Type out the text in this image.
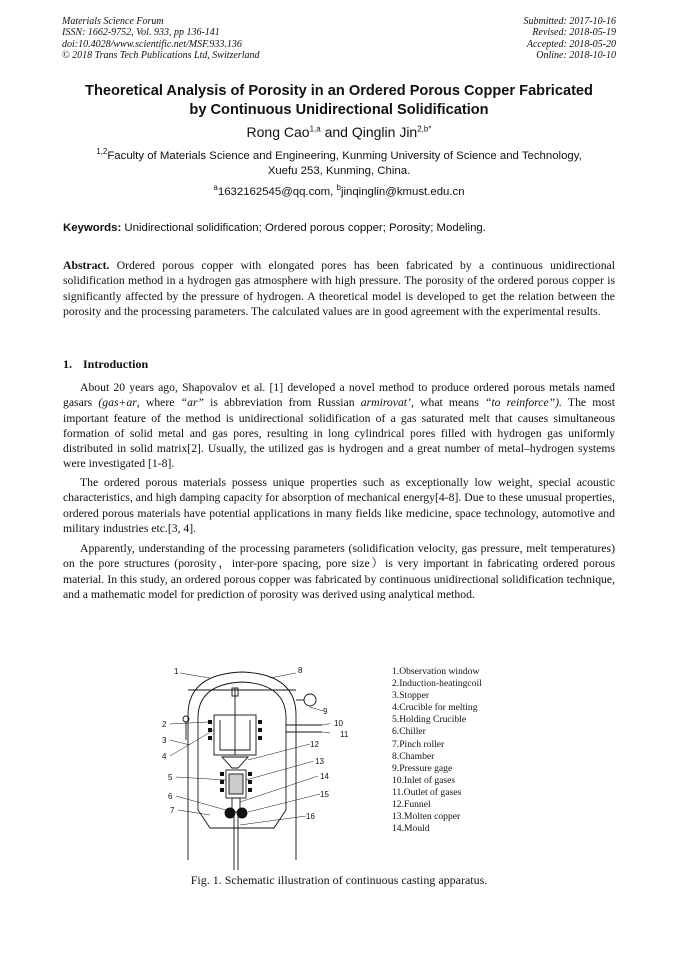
Materials Science Forum
ISSN: 1662-9752, Vol. 933, pp 136-141
doi:10.4028/www.scientific.net/MSF.933.136
© 2018 Trans Tech Publications Ltd, Switzerland
Submitted: 2017-10-16
Revised: 2018-05-19
Accepted: 2018-05-20
Online: 2018-10-10
Theoretical Analysis of Porosity in an Ordered Porous Copper Fabricated
by Continuous Unidirectional Solidification
Rong Cao$^{1,a}$ and Qinglin Jin$^{2,b*}$
$^{1,2}$Faculty of Materials Science and Engineering, Kunming University of Science and Technology,
Xuefu 253, Kunming, China.
$^a$1632162545@qq.com, $^b$jinqinglin@kmust.edu.cn
Keywords: Unidirectional solidification; Ordered porous copper; Porosity; Modeling.
Abstract. Ordered porous copper with elongated pores has been fabricated by a continuous unidirectional solidification method in a hydrogen gas atmosphere with high pressure. The porosity of the ordered porous copper is significantly affected by the pressure of hydrogen. A theoretical model is developed to get the relation between the porosity and the processing parameters. The calculated values are in good agreement with the experimental results.
1. Introduction
About 20 years ago, Shapovalov et al. [1] developed a novel method to produce ordered porous metals named gasars (gas+ar, where “ar” is abbreviation from Russian armirovat’, what means “to reinforce”). The most important feature of the method is unidirectional solidification of a gas saturated melt that causes simultaneous formation of solid metal and gas pores, resulting in long cylindrical pores filled with hydrogen gas uniformly distributed in solid matrix[2]. Usually, the utilized gas is hydrogen and a great number of metal–hydrogen systems were investigated [1-8].
The ordered porous materials possess unique properties such as exceptionally low weight, special acoustic characteristics, and high damping capacity for absorption of mechanical energy[4-8]. Due to these unusual properties, ordered porous materials have potential applications in many fields like medicine, space technology, automotive and military industries etc.[3, 4].
Apparently, understanding of the processing parameters (solidification velocity, gas pressure, melt temperatures) on the pore structures (porosity，inter-pore spacing, pore size）is very important in fabricating ordered porous material. In this study, an ordered porous copper was fabricated by continuous unidirectional solidification technique, and a mathematic model for prediction of porosity was derived using analytical method.
1
2
3
4
5
6
7
8
9
10
11
12
13
14
15
16
1.Observation window
2.Induction-heatingcoil
3.Stopper
4.Crucible for melting
5.Holding Crucible
6.Chiller
7.Pinch roller
8.Chamber
9.Pressure gage
10.Inlet of gases
11.Outlet of gases
12.Funnel
13.Molten copper
14.Mould
Fig. 1. Schematic illustration of continuous casting apparatus.
